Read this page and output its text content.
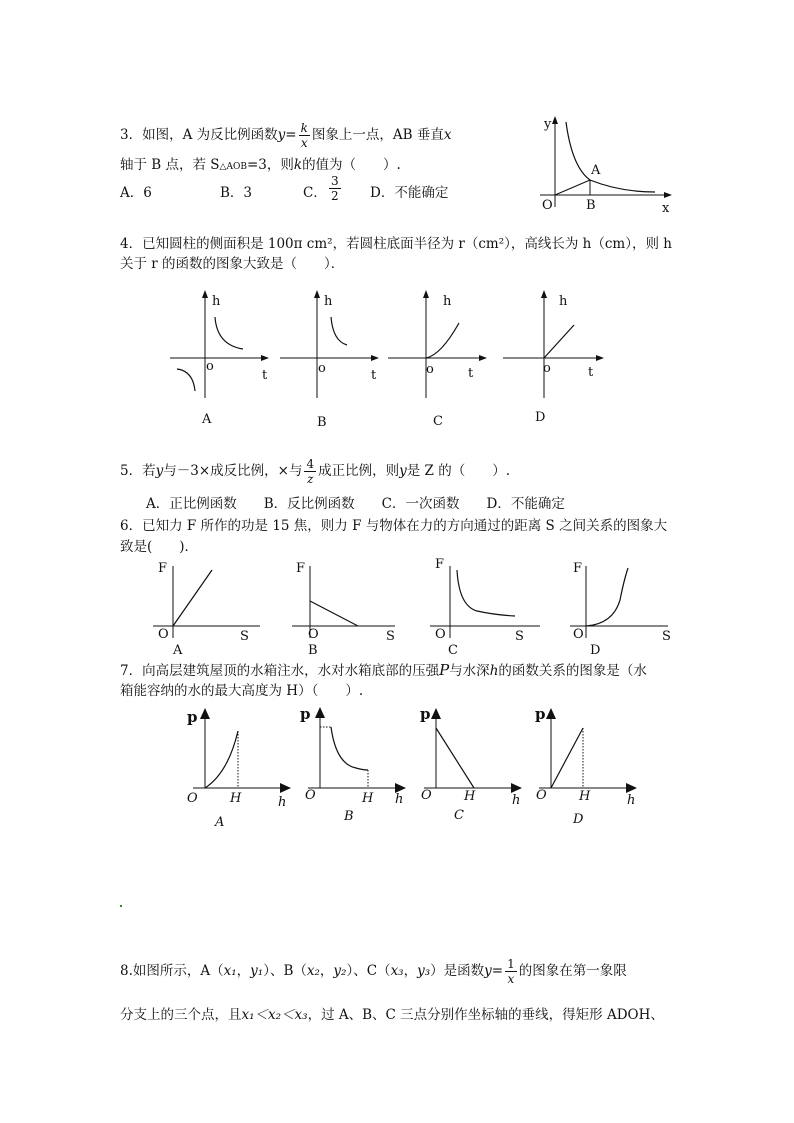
3．如图，A 为反比例函数 $y = \frac{k}{x}$ 图象上一点，AB 垂直 x
轴于 B 点，若 S△AOB=3，则k的值为（　　）.
A．6	B．3	C． $\frac{3}{2}$ D．不能确定
y
A
O	B	x
4．已知圆柱的侧面积是 100π cm²，若圆柱底面半径为 r（cm²），高线长为 h（cm），则 h
关于 r 的函数的图象大致是（　　）．
h
o
t
A
h
o	t
B
h
o	t
C
h
o	t
D
5．若 y 与－3×成反比例，×与 $\frac{4}{z}$ 成正比例，则 y 是 Z 的（　　）.
A．正比例函数　　B．反比例函数　　C．一次函数　　D．不能确定
6．已知力 F 所作的功是 15 焦，则力 F 与物体在力的方向通过的距离 S 之间关系的图象大
致是(　　)．
F
O	S
A
F
O	S
B
F
O	S
C
F
O	S
D
7．向高层建筑屋顶的水箱注水，水对水箱底部的压强P与水深h的函数关系的图象是（水
箱能容纳的水的最大高度为 H）（　　）.
p
O H	h
A
p
O	H h
B
p
O H	h
C
p
O H	h
D
8.如图所示，A（ x₁ ， y₁ ）、B（ x₂ ， y₂ ）、C（ x₃ ， y₃ ）是函数 $y = \frac{1}{x}$ 的图象在第一象限
分支上的三个点，且x₁＜x₂＜x₃，过 A、B、C 三点分别作坐标轴的垂线，得矩形 ADOH、
